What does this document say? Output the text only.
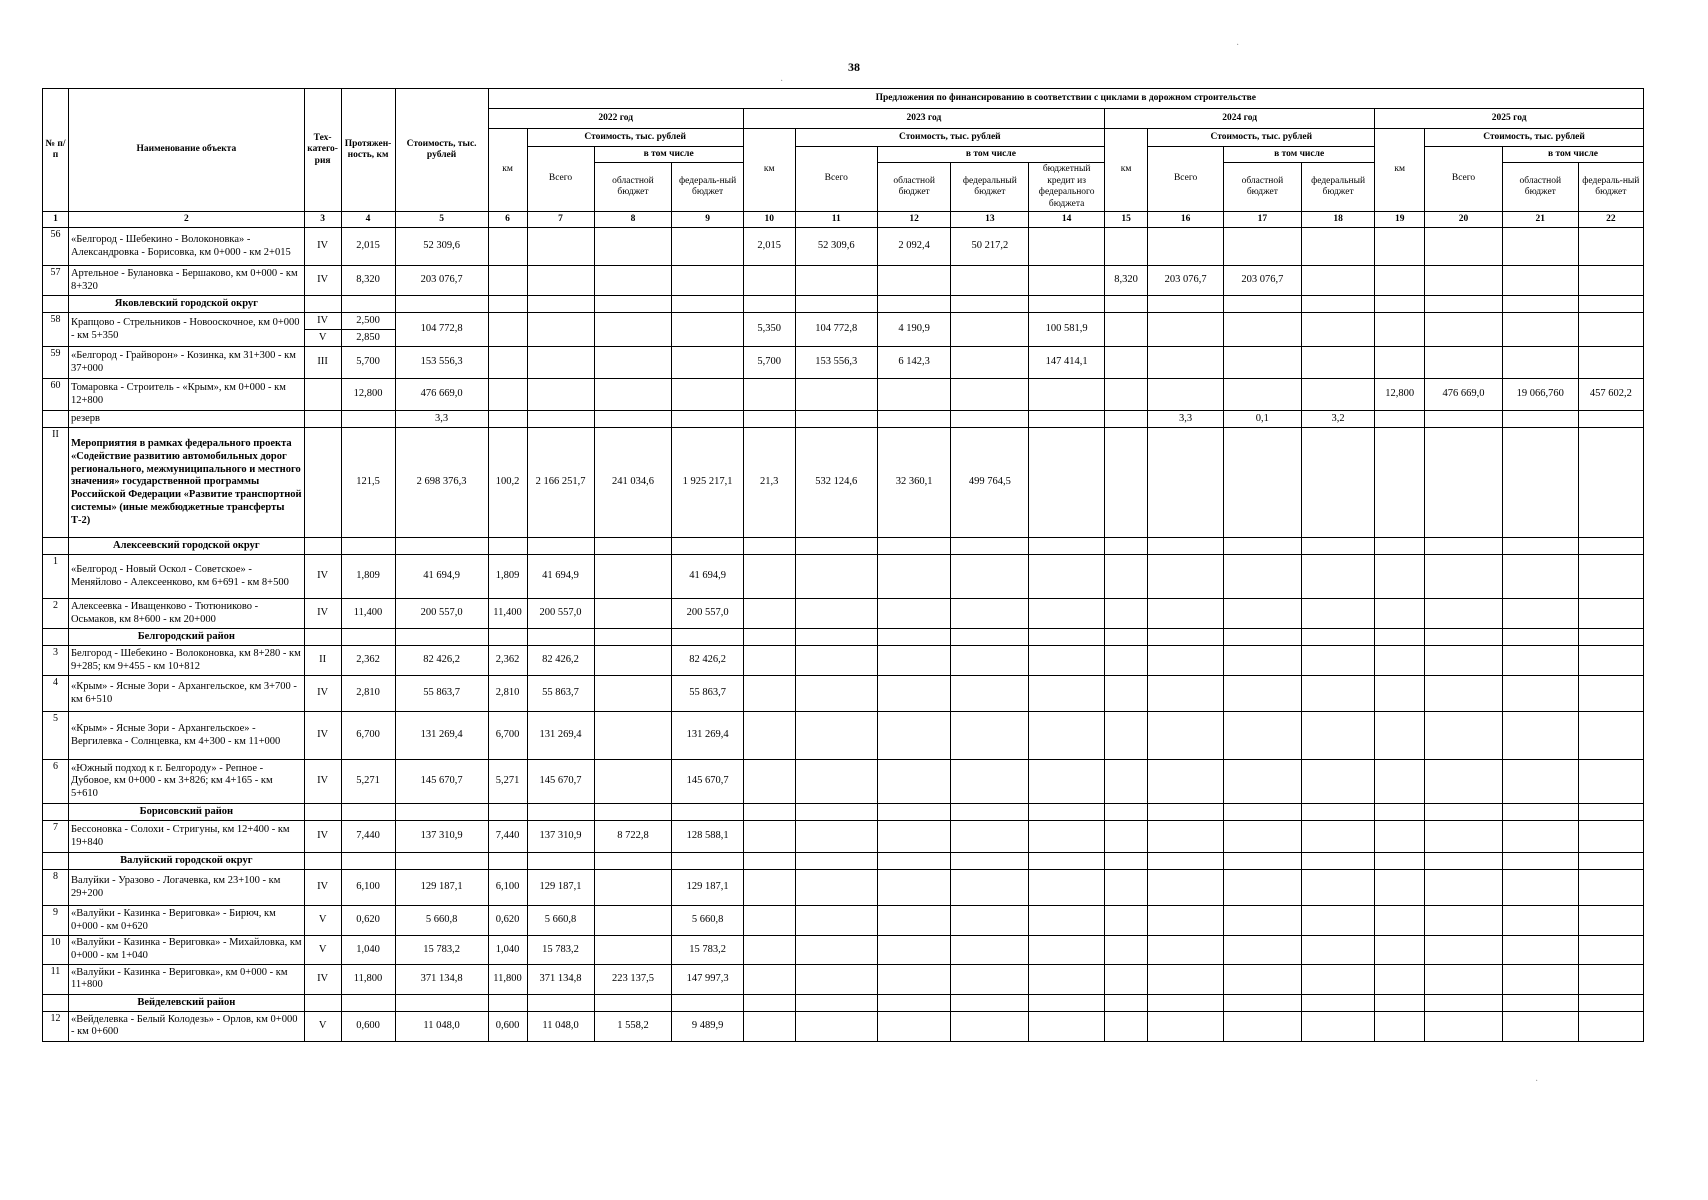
38
№ п/п	Наименование объекта	Тех-катего-рия	Протяжен-ность, км	Стоимость, тыс. рублей	Предложения по финансированию в соответствии с циклами в дорожном строительстве																
					2022 год				2023 год					2024 год				2025 год			
					км	Стоимость, тыс. рублей			км	Стоимость, тыс. рублей				км	Стоимость, тыс. рублей			км	Стоимость, тыс. рублей		
						Всего	в том числе			Всего	в том числе				Всего	в том числе			Всего	в том числе	
							областной бюджет	федераль-ный бюджет			областной бюджет	федеральный бюджет	бюджетный кредит из федерального бюджета			областной бюджет	федеральный бюджет			областной бюджет	федераль-ный бюджет
1	2	3	4	5	6	7	8	9	10	11	12	13	14	15	16	17	18	19	20	21	22
56	«Белгород - Шебекино - Волоконовка» - Александровка - Борисовка, км 0+000 - км 2+015	IV	2,015	52 309,6					2,015	52 309,6	2 092,4	50 217,2									
57	Артельное - Булановка - Бершаково, км 0+000 - км 8+320	IV	8,320	203 076,7										8,320	203 076,7	203 076,7					
	Яковлевский городской округ																				
58	Крапцово - Стрельников - Новооскочное, км 0+000 - км 5+350	IV	2,500	104 772,8					5,350	104 772,8	4 190,9		100 581,9								
		V	2,850																		
59	«Белгород - Грайворон» - Козинка, км 31+300 - км 37+000	III	5,700	153 556,3					5,700	153 556,3	6 142,3		147 414,1								
60	Томаровка - Строитель - «Крым», км 0+000 - км 12+800		12,800	476 669,0														12,800	476 669,0	19 066,760	457 602,2
	резерв			3,3											3,3	0,1	3,2				
II	Мероприятия в рамках федерального проекта «Содействие развитию автомобильных дорог регионального, межмуниципального и местного значения» государственной программы Российской Федерации «Развитие транспортной системы» (иные межбюджетные трансферты Т-2)		121,5	2 698 376,3	100,2	2 166 251,7	241 034,6	1 925 217,1	21,3	532 124,6	32 360,1	499 764,5									
	Алексеевский городской округ																				
1	«Белгород - Новый Оскол - Советское» - Меняйлово - Алексеенково, км 6+691 - км 8+500	IV	1,809	41 694,9	1,809	41 694,9		41 694,9													
2	Алексеевка - Иващенково - Тютюниково - Осьмаков, км 8+600 - км 20+000	IV	11,400	200 557,0	11,400	200 557,0		200 557,0													
	Белгородский район																				
3	Белгород - Шебекино - Волоконовка, км 8+280 - км 9+285; км 9+455 - км 10+812	II	2,362	82 426,2	2,362	82 426,2		82 426,2													
4	«Крым» - Ясные Зори - Архангельское, км 3+700 - км 6+510	IV	2,810	55 863,7	2,810	55 863,7		55 863,7													
5	«Крым» - Ясные Зори - Архангельское» - Вергилевка - Солнцевка, км 4+300 - км 11+000	IV	6,700	131 269,4	6,700	131 269,4		131 269,4													
6	«Южный подход к г. Белгороду» - Репное - Дубовое, км 0+000 - км 3+826; км 4+165 - км 5+610	IV	5,271	145 670,7	5,271	145 670,7		145 670,7													
	Борисовский район																				
7	Бессоновка - Солохи - Стригуны, км 12+400 - км 19+840	IV	7,440	137 310,9	7,440	137 310,9	8 722,8	128 588,1													
	Валуйский городской округ																				
8	Валуйки - Уразово - Логачевка, км 23+100 - км 29+200	IV	6,100	129 187,1	6,100	129 187,1		129 187,1													
9	«Валуйки - Казинка - Вериговка» - Бирюч, км 0+000 - км 0+620	V	0,620	5 660,8	0,620	5 660,8		5 660,8													
10	«Валуйки - Казинка - Вериговка» - Михайловка, км 0+000 - км 1+040	V	1,040	15 783,2	1,040	15 783,2		15 783,2													
11	«Валуйки - Казинка - Вериговка», км 0+000 - км 11+800	IV	11,800	371 134,8	11,800	371 134,8	223 137,5	147 997,3													
	Вейделевский район																				
12	«Вейделевка - Белый Колодезь» - Орлов, км 0+000 - км 0+600	V	0,600	11 048,0	0,600	11 048,0	1 558,2	9 489,9													
·
·
·
